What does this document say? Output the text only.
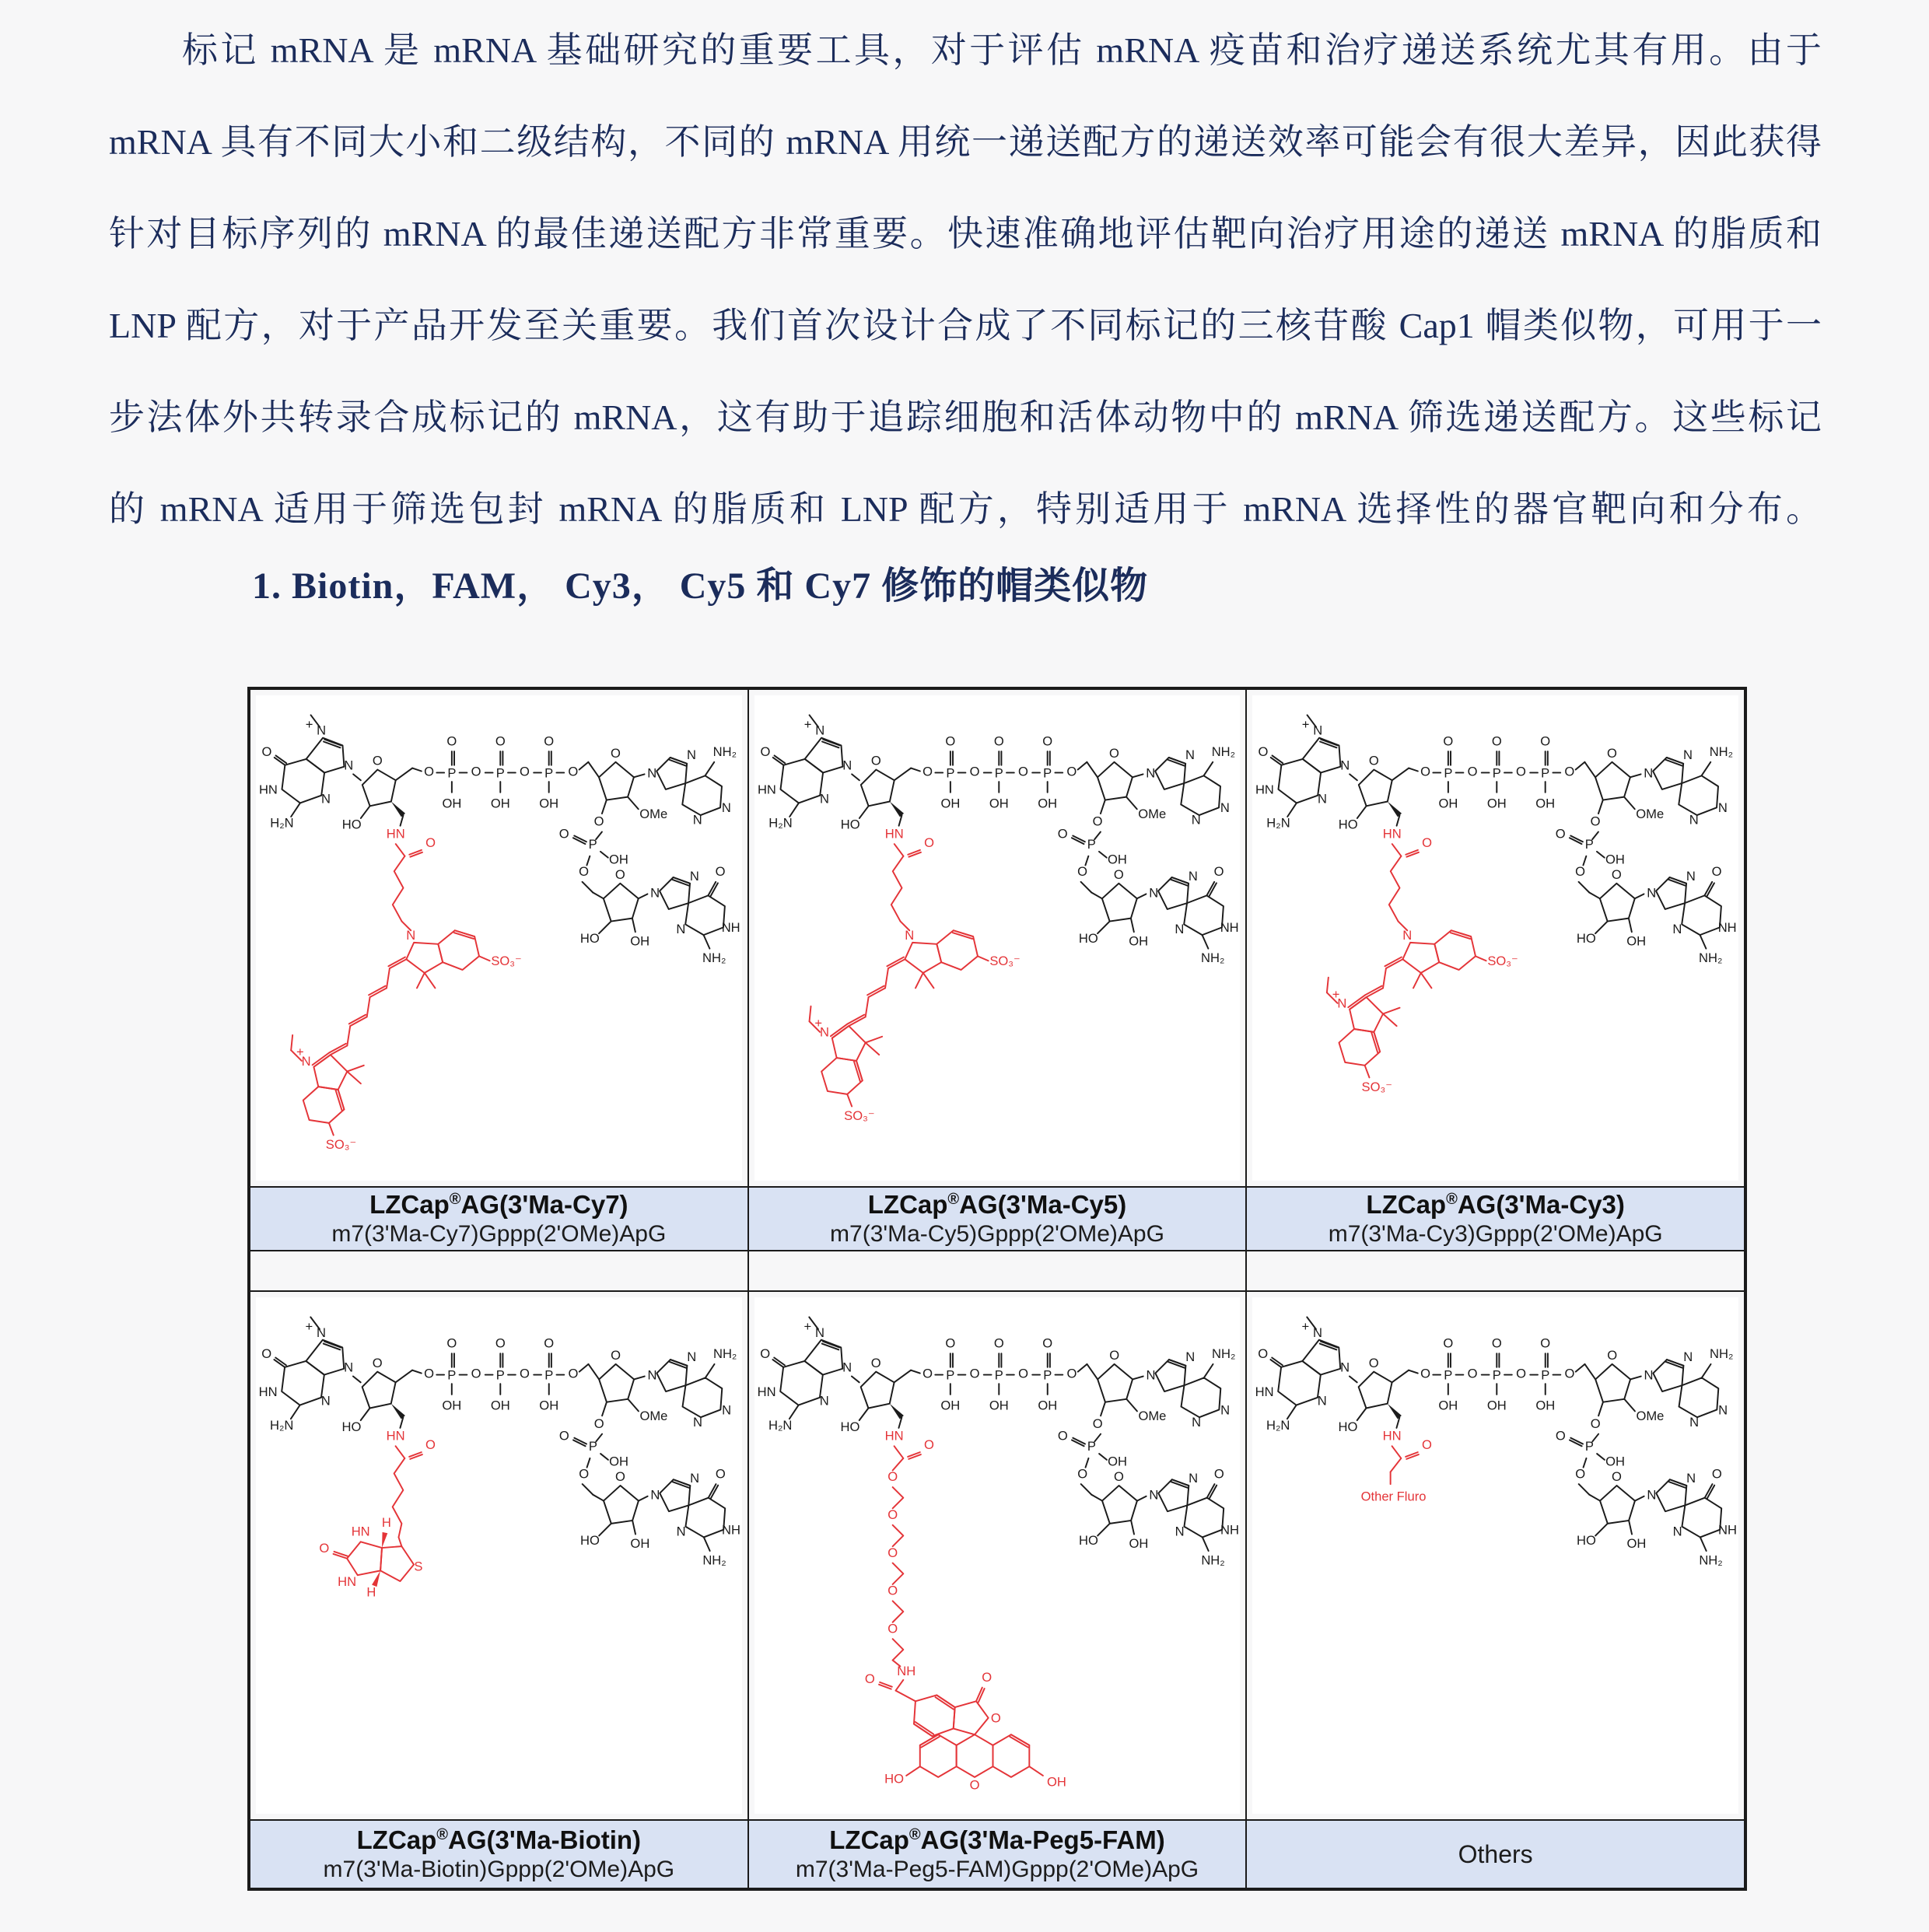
标记 mRNA 是 mRNA 基础研究的重要工具，对于评估 mRNA 疫苗和治疗递送系统尤其有用。由于
mRNA 具有不同大小和二级结构，不同的 mRNA 用统一递送配方的递送效率可能会有很大差异，因此获得
针对目标序列的 mRNA 的最佳递送配方非常重要。快速准确地评估靶向治疗用途的递送 mRNA 的脂质和
LNP 配方，对于产品开发至关重要。我们首次设计合成了不同标记的三核苷酸 Cap1 帽类似物，可用于一
步法体外共转录合成标记的 mRNA，这有助于追踪细胞和活体动物中的 mRNA 筛选递送配方。这些标记
的 mRNA 适用于筛选包封 mRNA 的脂质和 LNP 配方，特别适用于 mRNA 选择性的器官靶向和分布。
1. Biotin，FAM， Cy3， Cy5 和 Cy7 修饰的帽类似物
O
HN
H₂N
N
N
+
N O
HO
O P
O
OH
O P
O
OH
O P
O
OH
O
O
N
OMe
O
N NH₂
N
N
P
O
OH
O O
HO OH
N
N O
NH
N
NH₂
HN
O
N
SO₃⁻
N
+
SO₃⁻
O
HN
H₂N
N
N
+
N O
HO
O P
O
OH
O P
O
OH
O P
O
OH
O
O
N
OMe
O
N NH₂
N
N
P
O
OH
O O
HO OH
N
N O
NH
N
NH₂
HN
O
N
SO₃⁻
N
+
SO₃⁻
O
HN
H₂N
N
N
+
N O
HO
O P
O
OH
O P
O
OH
O P
O
OH
O
O
N
OMe
O
N NH₂
N
N
P
O
OH
O O
HO OH
N
N O
NH
N
NH₂
HN
O
N
SO₃⁻
N
+
SO₃⁻
LZCap®AG(3'Ma-Cy7)
m7(3'Ma-Cy7)Gppp(2'OMe)ApG
LZCap®AG(3'Ma-Cy5)
m7(3'Ma-Cy5)Gppp(2'OMe)ApG
LZCap®AG(3'Ma-Cy3)
m7(3'Ma-Cy3)Gppp(2'OMe)ApG
O
HN
H₂N
N
N
+
N O
HO
O P
O
OH
O P
O
OH
O P
O
OH
O
O
N
OMe
O
N NH₂
N
N
P
O
OH
O O
HO OH
N
N O
NH
N
NH₂
HN
O
O
HN
HN
S
H
H
O
HN
H₂N
N
N
+
N O
HO
O P
O
OH
O P
O
OH
O P
O
OH
O
O
N
OMe
O
N NH₂
N
N
P
O
OH
O O
HO OH
N
N O
NH
N
NH₂
HN
O
O
O
O
O
O
NH
O	O
O
O
HO	OH
O
HN
H₂N
N
N
+
N O
HO
O P
O
OH
O P
O
OH
O P
O
OH
O
O
N
OMe
O
N NH₂
N
N
P
O
OH
O O
HO OH
N
N O
NH
N
NH₂
HN
O
Other Fluro
LZCap®AG(3'Ma-Biotin)
m7(3'Ma-Biotin)Gppp(2'OMe)ApG
LZCap®AG(3'Ma-Peg5-FAM)
m7(3'Ma-Peg5-FAM)Gppp(2'OMe)ApG
Others
